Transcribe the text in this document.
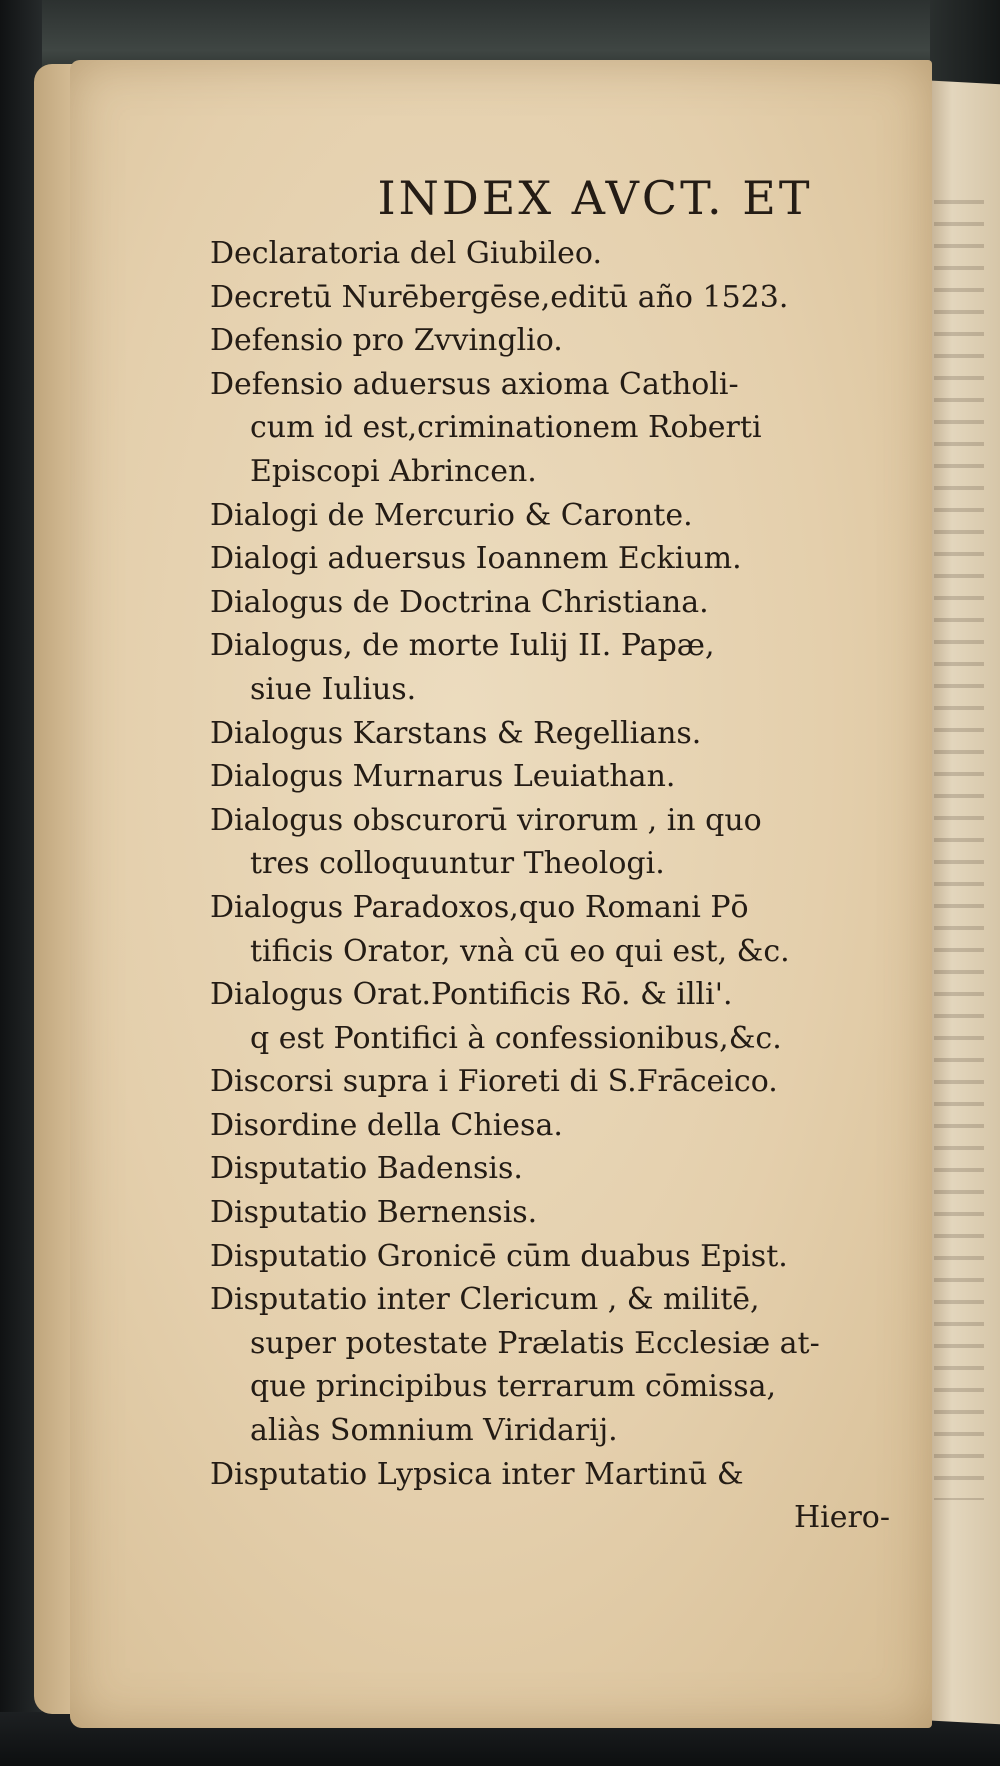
INDEX AVCT. ET
Declaratoria del Giubileo.
Decretū Nurēbergēse,editū año 1523.
Defensio pro Zvvinglio.
Defensio aduersus axioma Catholi-
cum id est,criminationem Roberti
Episcopi Abrincen.
Dialogi de Mercurio & Caronte.
Dialogi aduersus Ioannem Eckium.
Dialogus de Doctrina Christiana.
Dialogus, de morte Iulij II. Papæ,
siue Iulius.
Dialogus Karstans & Regellians.
Dialogus Murnarus Leuiathan.
Dialogus obscurorū virorum , in quo
tres colloquuntur Theologi.
Dialogus Paradoxos,quo Romani Pō
tificis Orator, vnà cū eo qui est, &c.
Dialogus Orat.Pontificis Rō. & illi'.
q est Pontifici à confessionibus,&c.
Discorsi supra i Fioreti di S.Frāceico.
Disordine della Chiesa.
Disputatio Badensis.
Disputatio Bernensis.
Disputatio Gronicē cūm duabus Epist.
Disputatio inter Clericum , & militē,
super potestate Prælatis Ecclesiæ at-
que principibus terrarum cōmissa,
aliàs Somnium Viridarij.
Disputatio Lypsica inter Martinū &
Hiero-
